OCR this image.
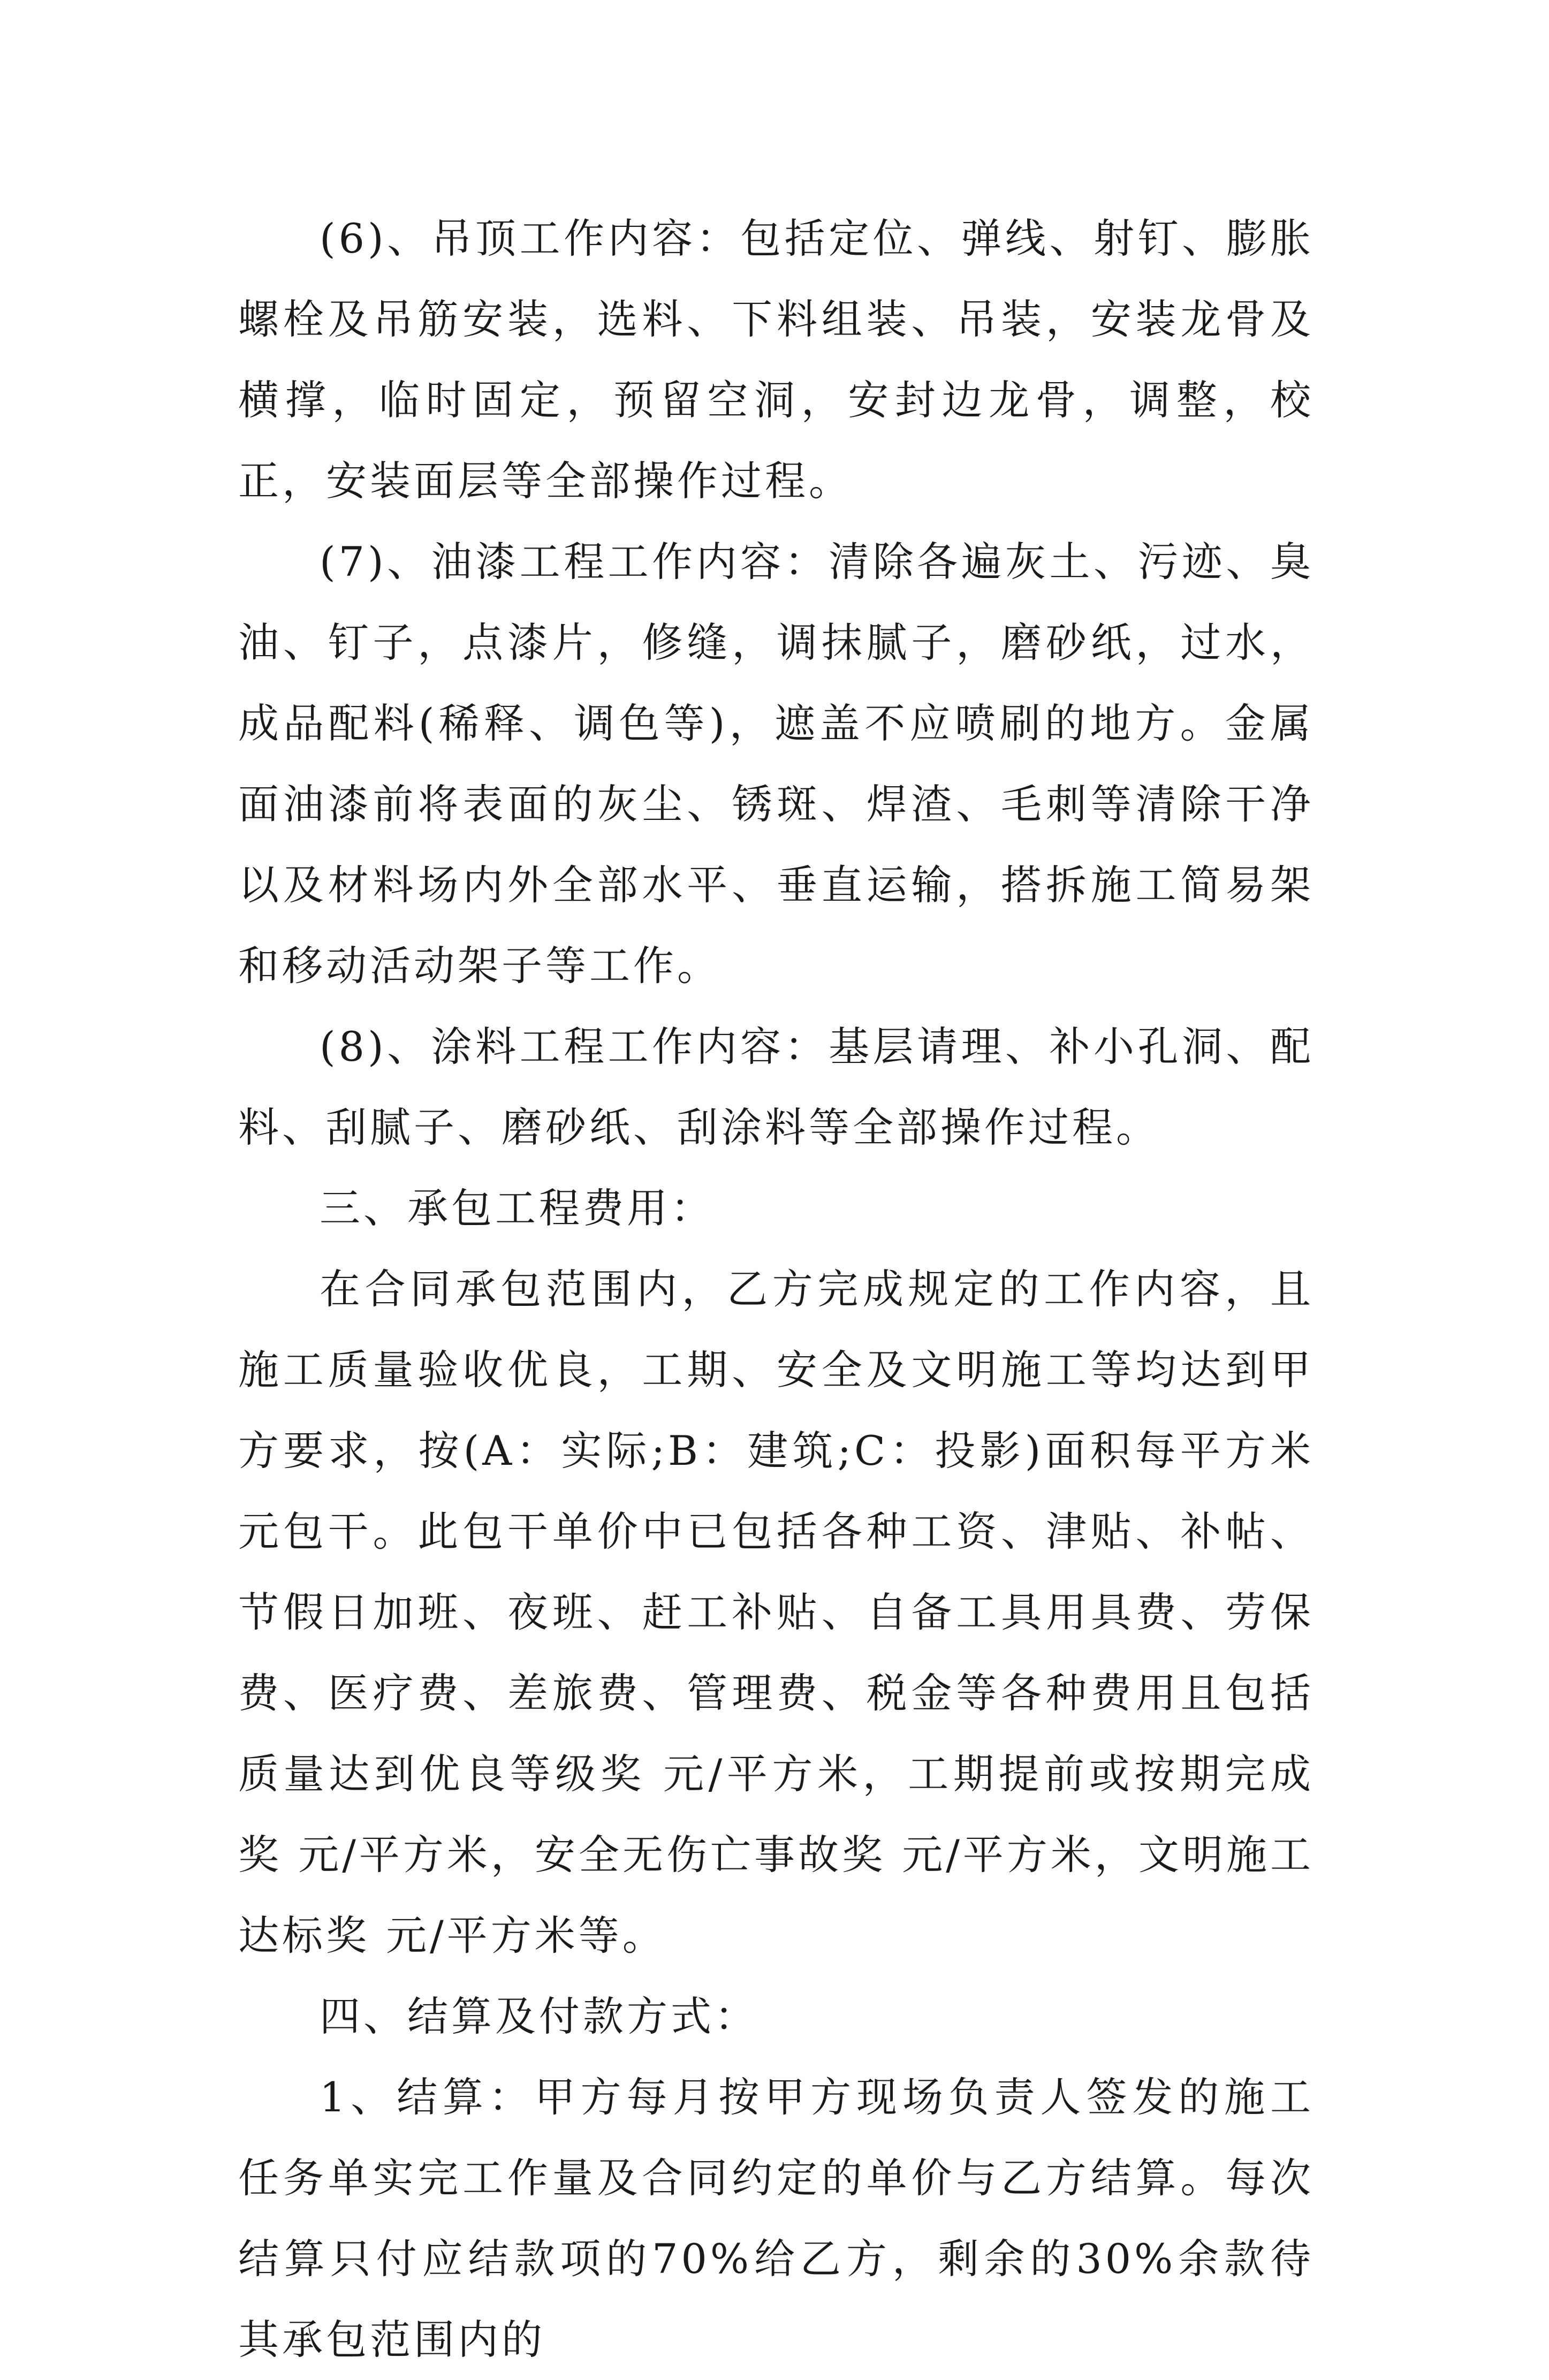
(6)、吊顶工作内容：包括定位、弹线、射钉、膨胀螺栓及吊筋安装，选料、下料组装、吊装，安装龙骨及横撑，临时固定，预留空洞，安封边龙骨，调整，校正，安装面层等全部操作过程。

(7)、油漆工程工作内容：清除各遍灰土、污迹、臭油、钉子，点漆片，修缝，调抹腻子，磨砂纸，过水，成品配料(稀释、调色等)，遮盖不应喷刷的地方。金属面油漆前将表面的灰尘、锈斑、焊渣、毛刺等清除干净以及材料场内外全部水平、垂直运输，搭拆施工简易架和移动活动架子等工作。

(8)、涂料工程工作内容：基层请理、补小孔洞、配料、刮腻子、磨砂纸、刮涂料等全部操作过程。

三、承包工程费用：

在合同承包范围内，乙方完成规定的工作内容，且施工质量验收优良，工期、安全及文明施工等均达到甲方要求，按(A：实际;B：建筑;C：投影)面积每平方米 元包干。此包干单价中已包括各种工资、津贴、补帖、节假日加班、夜班、赶工补贴、自备工具用具费、劳保费、医疗费、差旅费、管理费、税金等各种费用且包括质量达到优良等级奖 元/平方米，工期提前或按期完成奖 元/平方米，安全无伤亡事故奖 元/平方米，文明施工达标奖 元/平方米等。

四、结算及付款方式：

1、结算：甲方每月按甲方现场负责人签发的施工任务单实完工作量及合同约定的单价与乙方结算。每次结算只付应结款项的70%给乙方，剩余的30%余款待其承包范围内的
